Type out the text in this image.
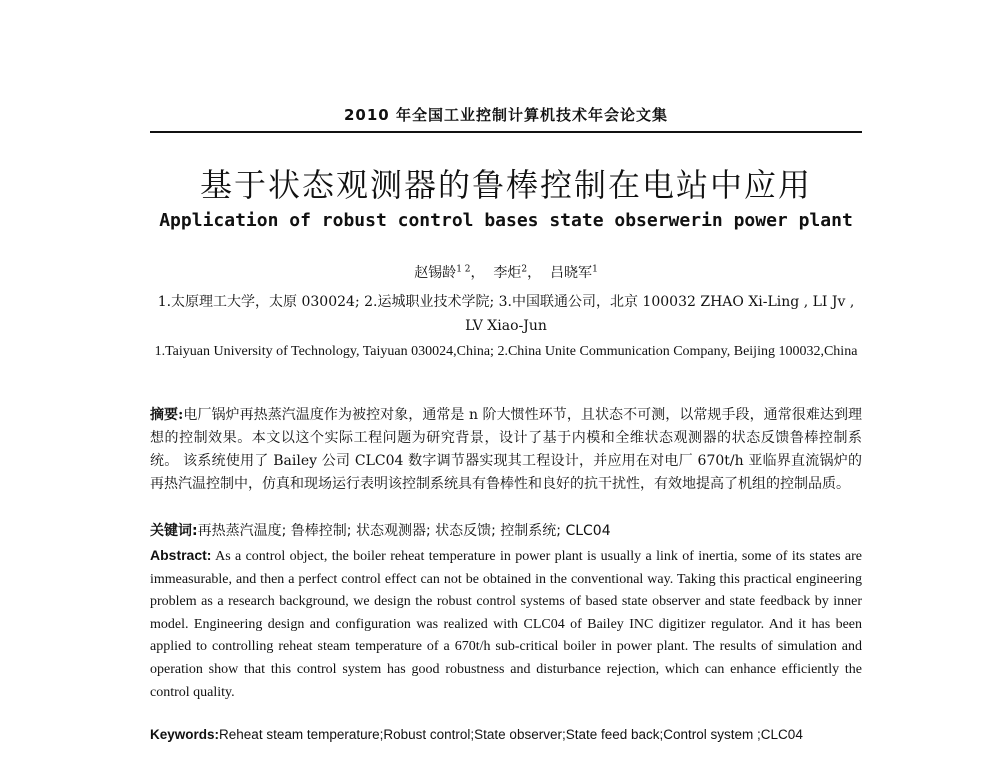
2010 年全国工业控制计算机技术年会论文集
基于状态观测器的鲁棒控制在电站中应用
Application of robust control bases state obserwerin power plant
赵锡龄$^{1 2}$，  李炬$^2$，  吕晓军$^1$
1.太原理工大学，太原 030024; 2.运城职业技术学院; 3.中国联通公司，北京 100032 ZHAO Xi-Ling , LI Jv , LV Xiao-Jun
1.Taiyuan University of Technology, Taiyuan 030024,China; 2.China Unite Communication Company, Beijing 100032,China
摘要:电厂锅炉再热蒸汽温度作为被控对象，通常是 n 阶大惯性环节，且状态不可测，以常规手段，通常很难达到理想的控制效果。本文以这个实际工程问题为研究背景，设计了基于内模和全维状态观测器的状态反馈鲁棒控制系统。 该系统使用了 Bailey 公司 CLC04 数字调节器实现其工程设计，并应用在对电厂 670t/h 亚临界直流锅炉的再热汽温控制中，仿真和现场运行表明该控制系统具有鲁棒性和良好的抗干扰性，有效地提高了机组的控制品质。
关键词:再热蒸汽温度; 鲁棒控制; 状态观测器; 状态反馈; 控制系统; CLC04
Abstract: As a control object, the boiler reheat temperature in power plant is usually a link of inertia, some of its states are immeasurable, and then a perfect control effect can not be obtained in the conventional way. Taking this practical engineering problem as a research background, we design the robust control systems of based state observer and state feedback by inner model. Engineering design and configuration was realized with CLC04 of Bailey INC digitizer regulator. And it has been applied to controlling reheat steam temperature of a 670t/h sub-critical boiler in power plant. The results of simulation and operation show that this control system has good robustness and disturbance rejection, which can enhance efficiently the control quality.
Keywords:Reheat steam temperature;Robust control;State observer;State feed back;Control system ;CLC04
